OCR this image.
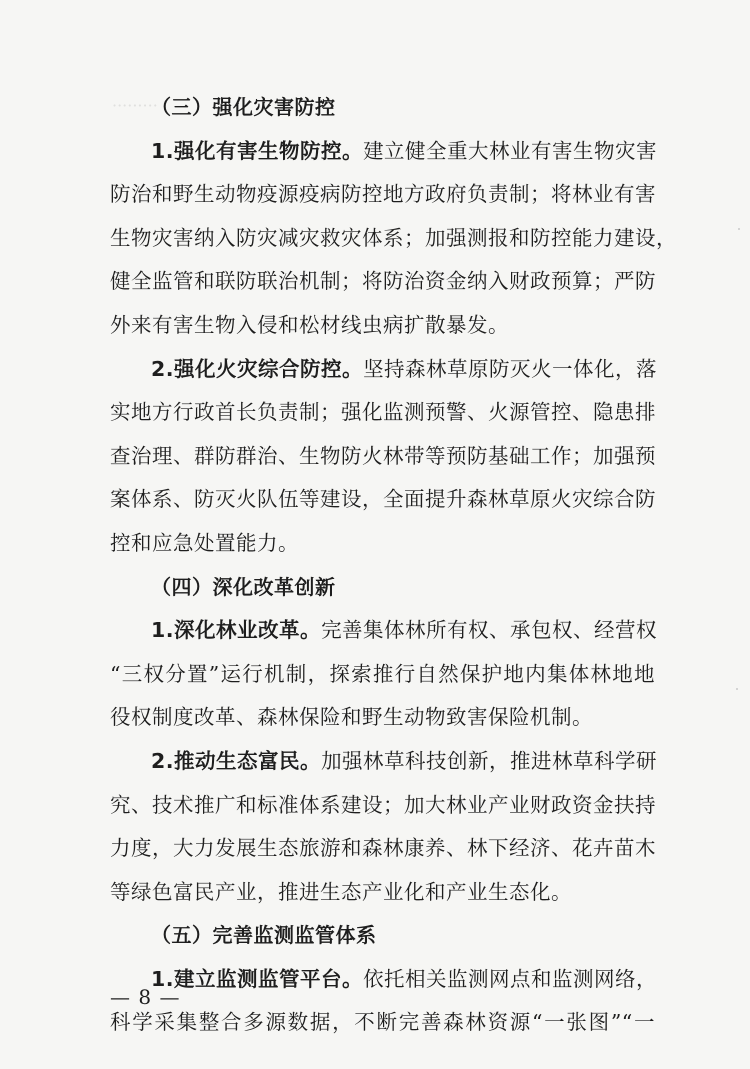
·········
（三）强化灾害防控
1.强化有害生物防控。建立健全重大林业有害生物灾害
防治和野生动物疫源疫病防控地方政府负责制；将林业有害
生物灾害纳入防灾减灾救灾体系；加强测报和防控能力建设，
健全监管和联防联治机制；将防治资金纳入财政预算；严防
外来有害生物入侵和松材线虫病扩散暴发。
2.强化火灾综合防控。坚持森林草原防灭火一体化，落
实地方行政首长负责制；强化监测预警、火源管控、隐患排
查治理、群防群治、生物防火林带等预防基础工作；加强预
案体系、防灭火队伍等建设，全面提升森林草原火灾综合防
控和应急处置能力。
（四）深化改革创新
1.深化林业改革。完善集体林所有权、承包权、经营权
“三权分置”运行机制，探索推行自然保护地内集体林地地
役权制度改革、森林保险和野生动物致害保险机制。
2.推动生态富民。加强林草科技创新，推进林草科学研
究、技术推广和标准体系建设；加大林业产业财政资金扶持
力度，大力发展生态旅游和森林康养、林下经济、花卉苗木
等绿色富民产业，推进生态产业化和产业生态化。
（五）完善监测监管体系
1.建立监测监管平台。依托相关监测网点和监测网络，
科学采集整合多源数据，不断完善森林资源“一张图”“一
— 8 —
